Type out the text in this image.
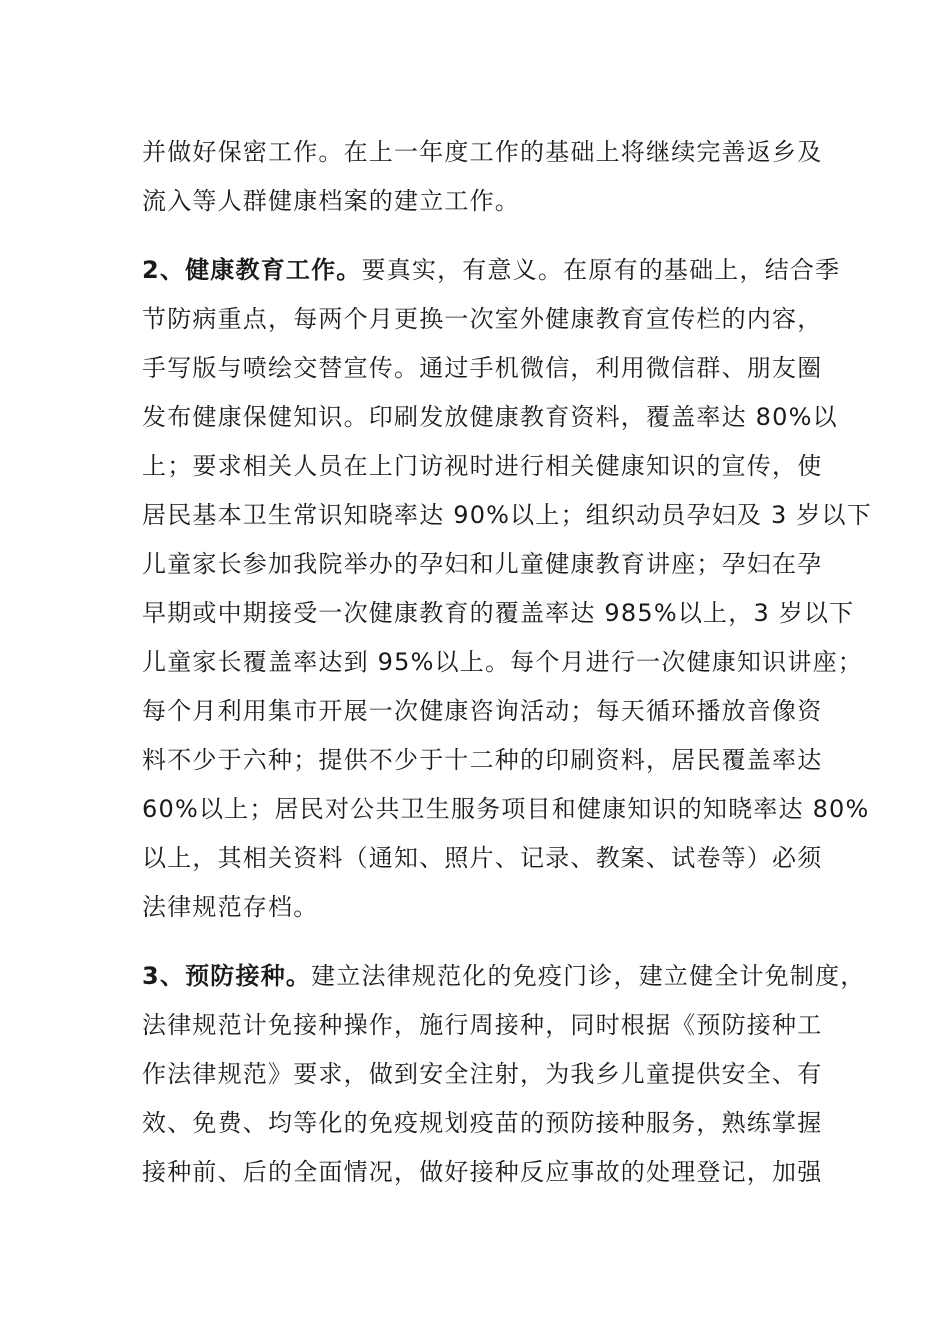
并做好保密工作。在上一年度工作的基础上将继续完善返乡及
流入等人群健康档案的建立工作。
2、健康教育工作。要真实，有意义。在原有的基础上，结合季
节防病重点，每两个月更换一次室外健康教育宣传栏的内容，
手写版与喷绘交替宣传。通过手机微信，利用微信群、朋友圈
发布健康保健知识。印刷发放健康教育资料，覆盖率达 80%以
上；要求相关人员在上门访视时进行相关健康知识的宣传，使
居民基本卫生常识知晓率达 90%以上；组织动员孕妇及 3 岁以下
儿童家长参加我院举办的孕妇和儿童健康教育讲座；孕妇在孕
早期或中期接受一次健康教育的覆盖率达 985%以上，3 岁以下
儿童家长覆盖率达到 95%以上。每个月进行一次健康知识讲座；
每个月利用集市开展一次健康咨询活动；每天循环播放音像资
料不少于六种；提供不少于十二种的印刷资料，居民覆盖率达
60%以上；居民对公共卫生服务项目和健康知识的知晓率达 80%
以上，其相关资料（通知、照片、记录、教案、试卷等）必须
法律规范存档。
3、预防接种。建立法律规范化的免疫门诊，建立健全计免制度，
法律规范计免接种操作，施行周接种，同时根据《预防接种工
作法律规范》要求，做到安全注射，为我乡儿童提供安全、有
效、免费、均等化的免疫规划疫苗的预防接种服务，熟练掌握
接种前、后的全面情况，做好接种反应事故的处理登记，加强
